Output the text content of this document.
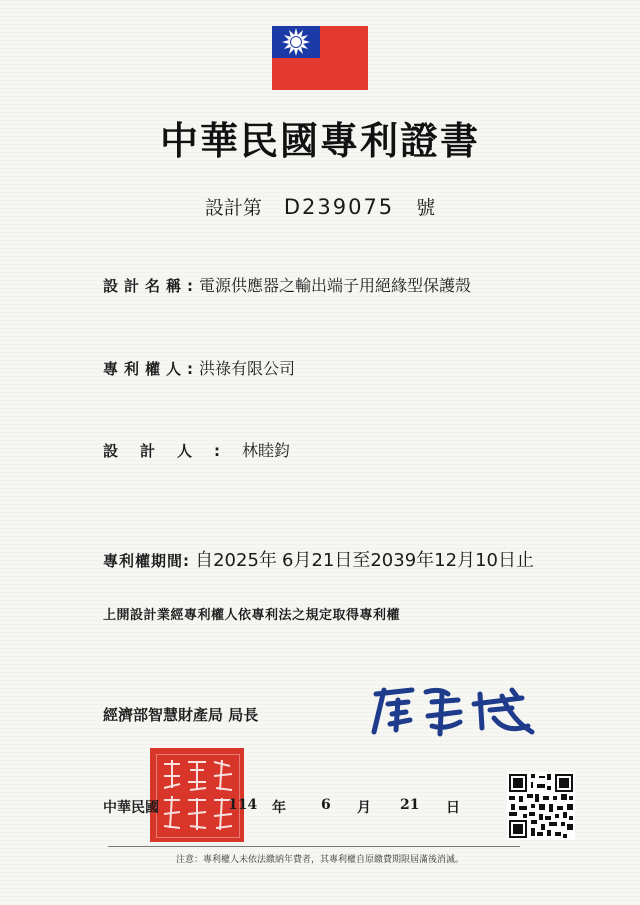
中華民國專利證書
設計第 D239075 號
設計名稱:電源供應器之輸出端子用絕緣型保護殼
專利權人:洪祿有限公司
設計人:林睦鈞
專利權期間: 自2025年 6月21日至2039年12月10日止
上開設計業經專利權人依專利法之規定取得專利權
經濟部智慧財產局 局長
中華民國	114 年	6 月 21 日
注意：專利權人未依法繳納年費者，其專利權自原繳費期限屆滿後消滅。
